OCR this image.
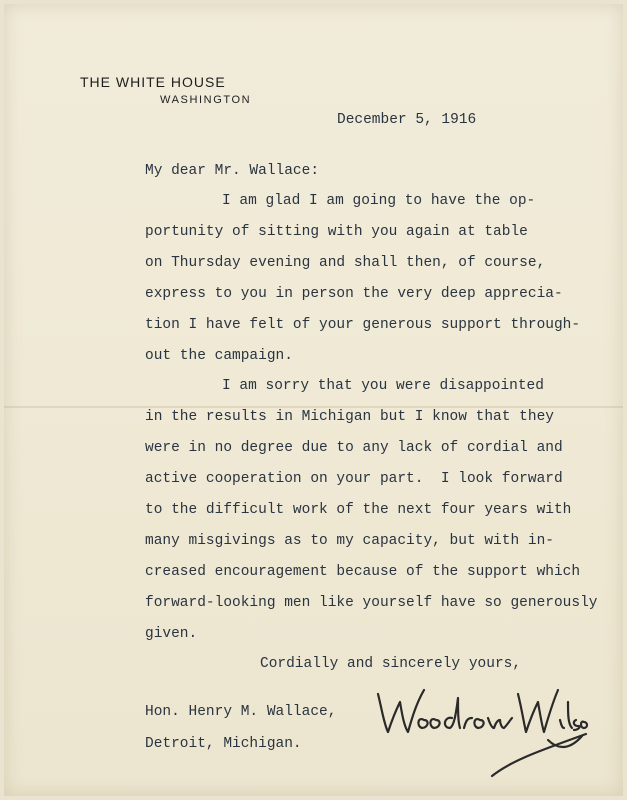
THE WHITE HOUSE
WASHINGTON
December 5, 1916
My dear Mr. Wallace:
I am glad I am going to have the op-
portunity of sitting with you again at table
on Thursday evening and shall then, of course,
express to you in person the very deep apprecia-
tion I have felt of your generous support through-
out the campaign.
I am sorry that you were disappointed
in the results in Michigan but I know that they
were in no degree due to any lack of cordial and
active cooperation on your part.  I look forward
to the difficult work of the next four years with
many misgivings as to my capacity, but with in-
creased encouragement because of the support which
forward-looking men like yourself have so generously
given.
Cordially and sincerely yours,
Hon. Henry M. Wallace,
Detroit, Michigan.
